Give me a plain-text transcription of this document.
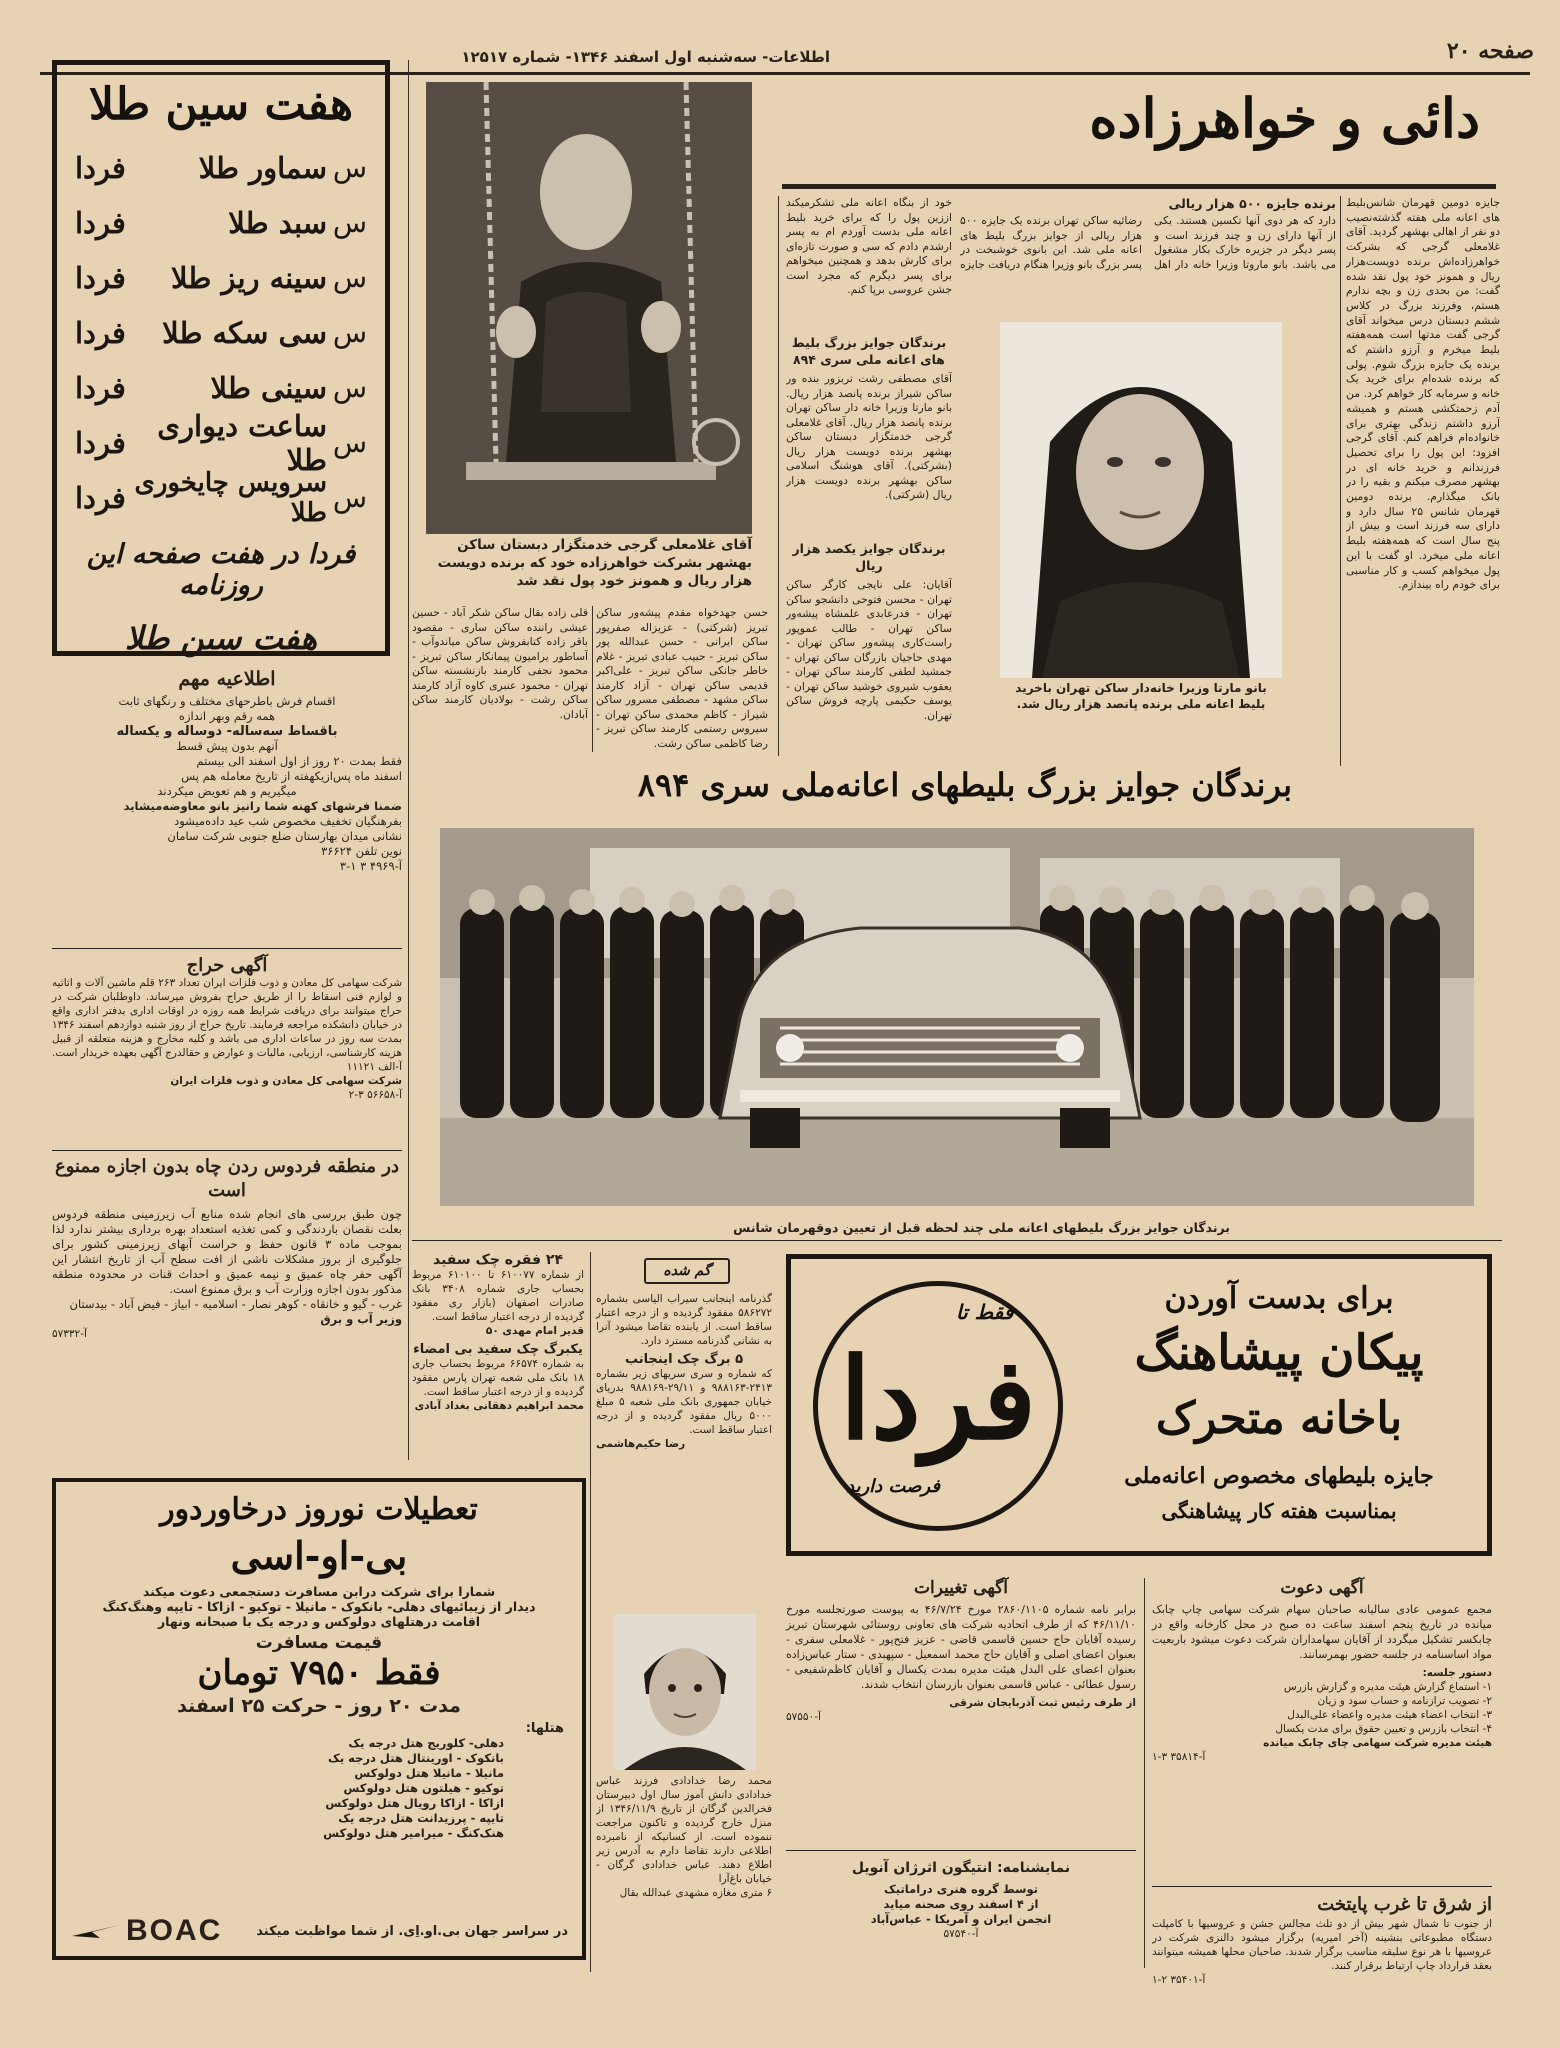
صفحه ۲۰
اطلاعات- سه‌شنبه اول اسفند ۱۳۴۶- شماره ۱۲۵۱۷
هفت سین طلا
س
سماور طلا
فردا
س
سبد طلا
فردا
س
سینه ریز طلا
فردا
س
سی سکه طلا
فردا
س
سینی طلا
فردا
س
ساعت دیواری طلا
فردا
س
سرویس چایخوری طلا
فردا
فردا در هفت صفحه این روزنامه
هفت سین طلا
اطلاعیه مهم
اقسام فرش باطرحهای مختلف و رنگهای ثابت
همه رقم وبهر اندازه
باقساط سه‌ساله- دوساله و یکساله
آنهم بدون پیش قسط
فقط بمدت ۲۰ روز از اول اسفند الی بیستم
اسفند ماه پس‌ازیکهفته از تاریخ معامله هم پس
میگیریم و هم تعویض میکردند
ضمنا فرشهای کهنه شما رانیز بانو معاوضه‌میشاید
بفرهنگیان تخفیف مخصوص شب عید داده‌میشود
نشانی میدان بهارستان ضلع جنوبی شرکت سامان
نوین تلفن ۳۶۶۲۴
آ-۴۹۶۹ ۳ ۱-۳
آگهی حراج
شرکت سهامی کل معادن و ذوب فلزات ایران تعداد ۲۶۳ قلم ماشین آلات و اثاثیه و لوازم فنی اسقاط را از طریق حراج بفروش میرساند. داوطلبان شرکت در حراج میتوانند برای دریافت شرایط همه روزه در اوقات اداری بدفتر اداری واقع در خیابان دانشکده مراجعه فرمایند. تاریخ حراج از روز شنبه دوازدهم اسفند ۱۳۴۶ بمدت سه روز در ساعات اداری می باشد و کلیه مخارج و هزینه متعلقه از قبیل هزینه کارشناسی، ارزیابی، مالیات و عوارض و حقالدرج آگهی بعهده خریدار است. آ-الف ۱۱۱۲۱
شرکت سهامی کل معادن و ذوب فلزات ایران
آ-۵۶۶۵۸ ۳-۲
در منطقه فردوس ردن چاه بدون اجازه ممنوع است
چون طبق بررسی های انجام شده منابع آب زیرزمینی منطقه فردوس بعلت نقصان باردندگی و کمی تغذیه استعداد بهره برداری بیشتر ندارد لذا بموجب ماده ۳ قانون حفظ و حراست آبهای زیرزمینی کشور برای جلوگیری از بروز مشکلات ناشی از افت سطح آب از تاریخ انتشار این آگهی حفر چاه عمیق و نیمه عمیق و احداث قنات در محدوده منطقه مذکور بدون اجازه وزارت آب و برق ممنوع است.
غرب - گیو و خانقاه - کوهر نصار - اسلامیه - ابیاز - فیض آباد - بیدستان
وزیر آب و برق
آ-۵۷۳۳۲
تعطیلات نوروز درخاوردور
بی-او-اسی
شمارا برای شرکت درابن مسافرت دستجمعی دعوت میکند
دیدار از زیبائیهای دهلی- بانکوک - مانیلا - توکیو - ازاکا - تایپه وهنگ‌کنگ
اقامت درهتلهای دولوکس و درجه یک با صبحانه ونهار
قیمت مسافرت
فقط ۷۹۵۰ تومان
مدت ۲۰ روز - حرکت ۲۵ اسفند
هتلها:
دهلی- کلوریج هتل درجه یک
بانکوک - اورینتال هتل درجه یک
مانیلا - مانیلا هتل دولوکس
توکیو - هیلتون هتل دولوکس
ازاکا - ازاکا رویال هتل دولوکس
تایپه - پرزیدانت هتل درجه یک
هنک‌کنگ - میرامیر هتل دولوکس
BOAC	در سراسر جهان بی.او.اِی. از شما مواظبت میکند
آقای غلامعلی گرجی خدمتگزار دبستان ساکن بهشهر بشرکت خواهرزاده خود که برنده دویست هزار ریال و همونز خود پول نقد شد
دائی و خواهرزاده
جایزه دومین قهرمان شانس‌بلیط های اعانه ملی هفته گذشته‌نصیب دو نفر از اهالی بهشهر گردید. آقای غلامعلی گرجی که بشرکت خواهرزاده‌اش برنده دویست‌هزار ریال و همونز خود پول نقد شده گفت: من بحدی زن و بچه ندارم هستم، وفرزند بزرگ در کلاس ششم دبستان درس میخواند آقای گرجی گفت مدتها است همه‌هفته بلیط میخرم و آرزو داشتم که برنده یک جایزه بزرگ شوم. پولی که برنده شده‌ام برای خرید یک خانه و سرمایه کار خواهم کرد. من آدم زحمتکشی هستم و همیشه آرزو داشتم زندگی بهتری برای خانواده‌ام فراهم کنم. آقای گرجی افزود: این پول را برای تحصیل فرزندانم و خرید خانه ای در بهشهر مصرف میکنم و بقیه را در بانک میگذارم. برنده دومین قهرمان شانس ۲۵ سال دارد و دارای سه فرزند است و بیش از پنج سال است که همه‌هفته بلیط اعانه ملی میخرد. او گفت با این پول میخواهم کسب و کار مناسبی برای خودم راه بیندازم.
برنده جایزه ۵۰۰ هزار ریالی
دارد که هر دوی آنها تکسین هستند. یکی از آنها دارای زن و چند فرزند است و پسر دیگر در جزیره خارک بکار مشغول می باشد. بانو ماروتا وزیرا خانه دار اهل رضائیه ساکن تهران برنده یک جایزه ۵۰۰ هزار ریالی از جوایز بزرگ بلیط های اعانه ملی شد. این بانوی خوشبخت در پسر بزرگ بانو وزیرا هنگام دریافت جایزه
بانو مارتا وزیرا خانه‌دار ساکن تهران باخرید بلیط اعانه ملی برنده پانصد هزار ریال شد.
خود از بنگاه اعانه ملی تشکرمیکند اززین پول را که برای خرید بلیط اعانه ملی بدست آوردم ام به پسر ارشدم دادم که سی و صورت تازه‌ای برای کارش بدهد و همچنین میخواهم برای پسر دیگرم که مجرد است جشن عروسی برپا کنم.
برندگان جوایز بزرگ بلیط های اعانه ملی سری ۸۹۴
آقای مصطفی رشت تربزور بنده ور ساکن شیراز برنده پانصد هزار ریال. بانو مارتا وزیرا خانه دار ساکن تهران برنده پانصد هزار ریال. آقای غلامعلی گرجی خدمتگزار دبستان ساکن بهشهر برنده دویست هزار ریال (بشرکتی). آقای هوشنگ اسلامی ساکن بهشهر برنده دویست هزار ریال (شرکتی).
برندگان جوایز یکصد هزار ریال
آقایان: علی نایجی کارگر ساکن تهران - محسن فتوحی دانشجو ساکن تهران - فدرعابدی علمشاه پیشه‌ور ساکن تهران - طالب عموپور راست‌کاری پیشه‌ور ساکن تهران - مهدی حاجیان بازرگان ساکن تهران - جمشید لطفی کارمند ساکن تهران - یعقوب شیروی خوشید ساکن تهران - یوسف حکیمی پارچه فروش ساکن تهران.
حسن جهدخواه مقدم پیشه‌ور ساکن تبریز (شرکتی) - عزیزاله صفرپور ساکن ایرانی - حسن عبدالله پور ساکن تبریز - حبیب عبادی تبریز - غلام خاطر جانکی ساکن تبریز - علی‌اکبر قدیمی ساکن تهران - آزاد کارمند ساکن مشهد - مصطفی مسرور ساکن شیراز - کاظم محمدی ساکن تهران - سیروس رستمی کارمند ساکن تبریز - رضا کاظمی ساکن رشت.
قلی زاده بقال ساکن شکر آباد - حسین عیشی راننده ساکن ساری - مقصود باقر زاده کتابفروش ساکن میاندوآب - آساطور یرامیون پیمانکار ساکن تبریز - محمود نجفی کارمند بازنشسته ساکن تهران - محمود عنبری کاوه آزاد کارمند ساکن رشت - بولادیان کارمند ساکن آبادان.
برندگان جوایز بزرگ بلیطهای اعانه‌ملی سری ۸۹۴
برندگان جوایز بزرگ بلیطهای اعانه ملی چند لحظه قبل از تعیین دوقهرمان شانس
۲۴ فقره چک سفید
از شماره ۶۱۰۰۷۷ تا ۶۱۰۱۰۰ مربوط بحساب جاری شماره ۳۴۰۸ بانک صادرات اصفهان (بازار ری مفقود گردیده از درجه اعتبار ساقط است.
قدیر امام مهدی ۵۰
یکبرگ چک سفید بی امضاء
به شماره ۶۶۵۷۴ مربوط بحساب جاری ۱۸ بانک ملی شعبه تهران پارس مفقود گردیده و از درجه اعتبار ساقط است.
محمد ابراهیم دهقانی بغداد آبادی
گم شده
گذرنامه اینجانب سیراب الیاسی بشماره ۵۸۶۲۷۲ مفقود گردیده و از درجه اعتبار ساقط است. از یابنده تقاضا میشود آنرا به نشانی گذرنامه مسترد دارد.
۵ برگ چک اینجانب
که شماره و سری سریهای زیر بشماره ۲۴۱۳-۹۸۸۱۶۳ و ۲۹/۱۱-۹۸۸۱۶۹ بدریای خیابان جمهوری بانک ملی شعبه ۵ مبلغ ۵۰۰۰ ریال مفقود گردیده و از درجه اعتبار ساقط است.
رضا حکیم‌هاشمی
محمد رضا خدادادی فرزند عباس خدادادی دانش آموز سال اول دبیرستان فخرالدین گرگان از تاریخ ۱۳۴۶/۱۱/۹ از منزل خارج گردیده و تاکنون مراجعت ننموده است. از کسانیکه از نامبرده اطلاعی دارند تقاضا دارم به آدرس زیر اطلاع دهند. عباس خدادادی گرگان - خیابان باغ‌آرا
۶ متری مغازه مشهدی عبدالله بقال
فقط تا
فردا
فرصت دارید
برای بدست آوردن
پیکان پیشاهنگ
باخانه متحرک
جایزه بلیطهای مخصوص اعانه‌ملی
بمناسبت هفته کار پیشاهنگی
آگهی تغییرات
برابر نامه شماره ۲۸۶۰/۱۱۰۵ مورخ ۴۶/۷/۲۴ به پیوست صورتجلسه مورخ ۴۶/۱۱/۱۰ که از طرف اتحادیه شرکت های تعاونی روستائی شهرستان تبریز رسیده آقایان حاج حسین قاسمی قاضی - عزیز فتح‌پور - غلامعلی سفری - بعنوان اعضای اصلی و آقایان حاج محمد اسمعیل - سپهبدی - ستار عباس‌زاده بعنوان اعضای علی البدل هیئت مدیره بمدت یکسال و آقایان کاظم‌شفیعی - رسول عطائی - عباس قاسمی بعنوان بازرسان انتخاب شدند.
از طرف رئیس ثبت آذربایجان شرقی
آ-۵۷۵۵۰
نمایشنامه: انتیگون اثرژان آنویل
توسط گروه هنری دراماتیک
از ۴ اسفند روی صحنه میاید
انجمن ایران و آمریکا - عباس‌آباد
آ-۵۷۵۴۰
آگهی دعوت
مجمع عمومی عادی سالیانه صاحبان سهام شرکت سهامی چاپ چابک میانده در تاریخ پنجم اسفند ساعت ده صبح در محل کارخانه واقع در چابکسر تشکیل میگردد از آقایان سهامداران شرکت دعوت میشود باربعیت مواد اساسنامه در جلسه حضور بهمرسانند.
دستور جلسه:
۱- استماع گزارش هیئت مدیره و گزارش بازرس
۲- تصویب ترازنامه و حساب سود و زیان
۳- انتخاب اعضاء هیئت مدیره واعضاء علی‌البدل
۴- انتخاب بازرس و تعیین حقوق برای مدت یکسال
هیئت مدیره شرکت سهامی چای چابک میانده
آ-۳۵۸۱۴ ۳-۱
از شرق تا غرب پایتخت
از جنوب تا شمال شهر بیش از دو تلث مجالس جشن و عروسیها با کامپلت دستگاه مطبوعاتی بنشینه (آخر امیریه) برگزار میشود دالنزی شرکت در عروسیها با هر نوع سلیقه مناسب برگزار شدند. صاحبان محلها همیشه میتوانند بعقد قرارداد چاپ ارتباط برقرار کنند.
آ-۳۵۴۰۱ ۲-۱
